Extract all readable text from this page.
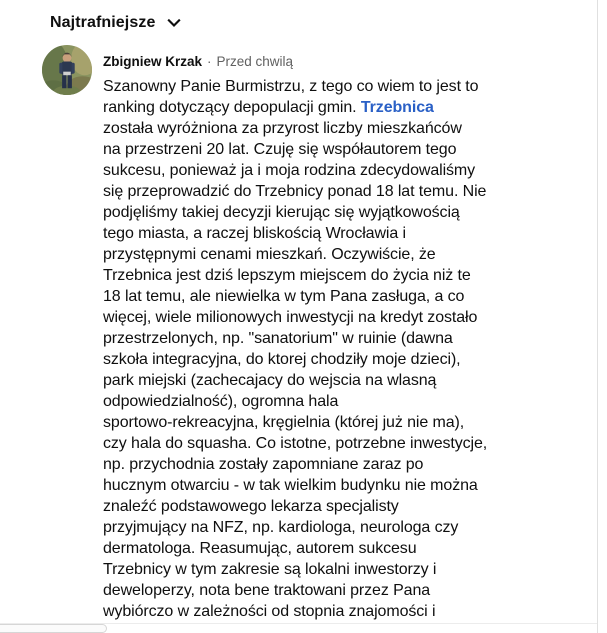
Najtrafniejsze
Zbigniew Krzak · Przed chwilą
Szanowny Panie Burmistrzu, z tego co wiem to jest to
ranking dotyczący depopulacji gmin. Trzebnica
została wyróżniona za przyrost liczby mieszkańców
na przestrzeni 20 lat. Czuję się współautorem tego
sukcesu, ponieważ ja i moja rodzina zdecydowaliśmy
się przeprowadzić do Trzebnicy ponad 18 lat temu. Nie
podjęliśmy takiej decyzji kierując się wyjątkowością
tego miasta, a raczej bliskością Wrocławia i
przystępnymi cenami mieszkań. Oczywiście, że
Trzebnica jest dziś lepszym miejscem do życia niż te
18 lat temu, ale niewielka w tym Pana zasługa, a co
więcej, wiele milionowych inwestycji na kredyt zostało
przestrzelonych, np. "sanatorium" w ruinie (dawna
szkoła integracyjna, do ktorej chodziły moje dzieci),
park miejski (zachecajacy do wejscia na wlasną
odpowiedzialność), ogromna hala
sportowo-rekreacyjna, kręgielnia (której już nie ma),
czy hala do squasha. Co istotne, potrzebne inwestycje,
np. przychodnia zostały zapomniane zaraz po
hucznym otwarciu - w tak wielkim budynku nie można
znaleźć podstawowego lekarza specjalisty
przyjmujący na NFZ, np. kardiologa, neurologa czy
dermatologa. Reasumując, autorem sukcesu
Trzebnicy w tym zakresie są lokalni inwestorzy i
deweloperzy, nota bene traktowani przez Pana
wybiórczo w zależności od stopnia znajomości i
